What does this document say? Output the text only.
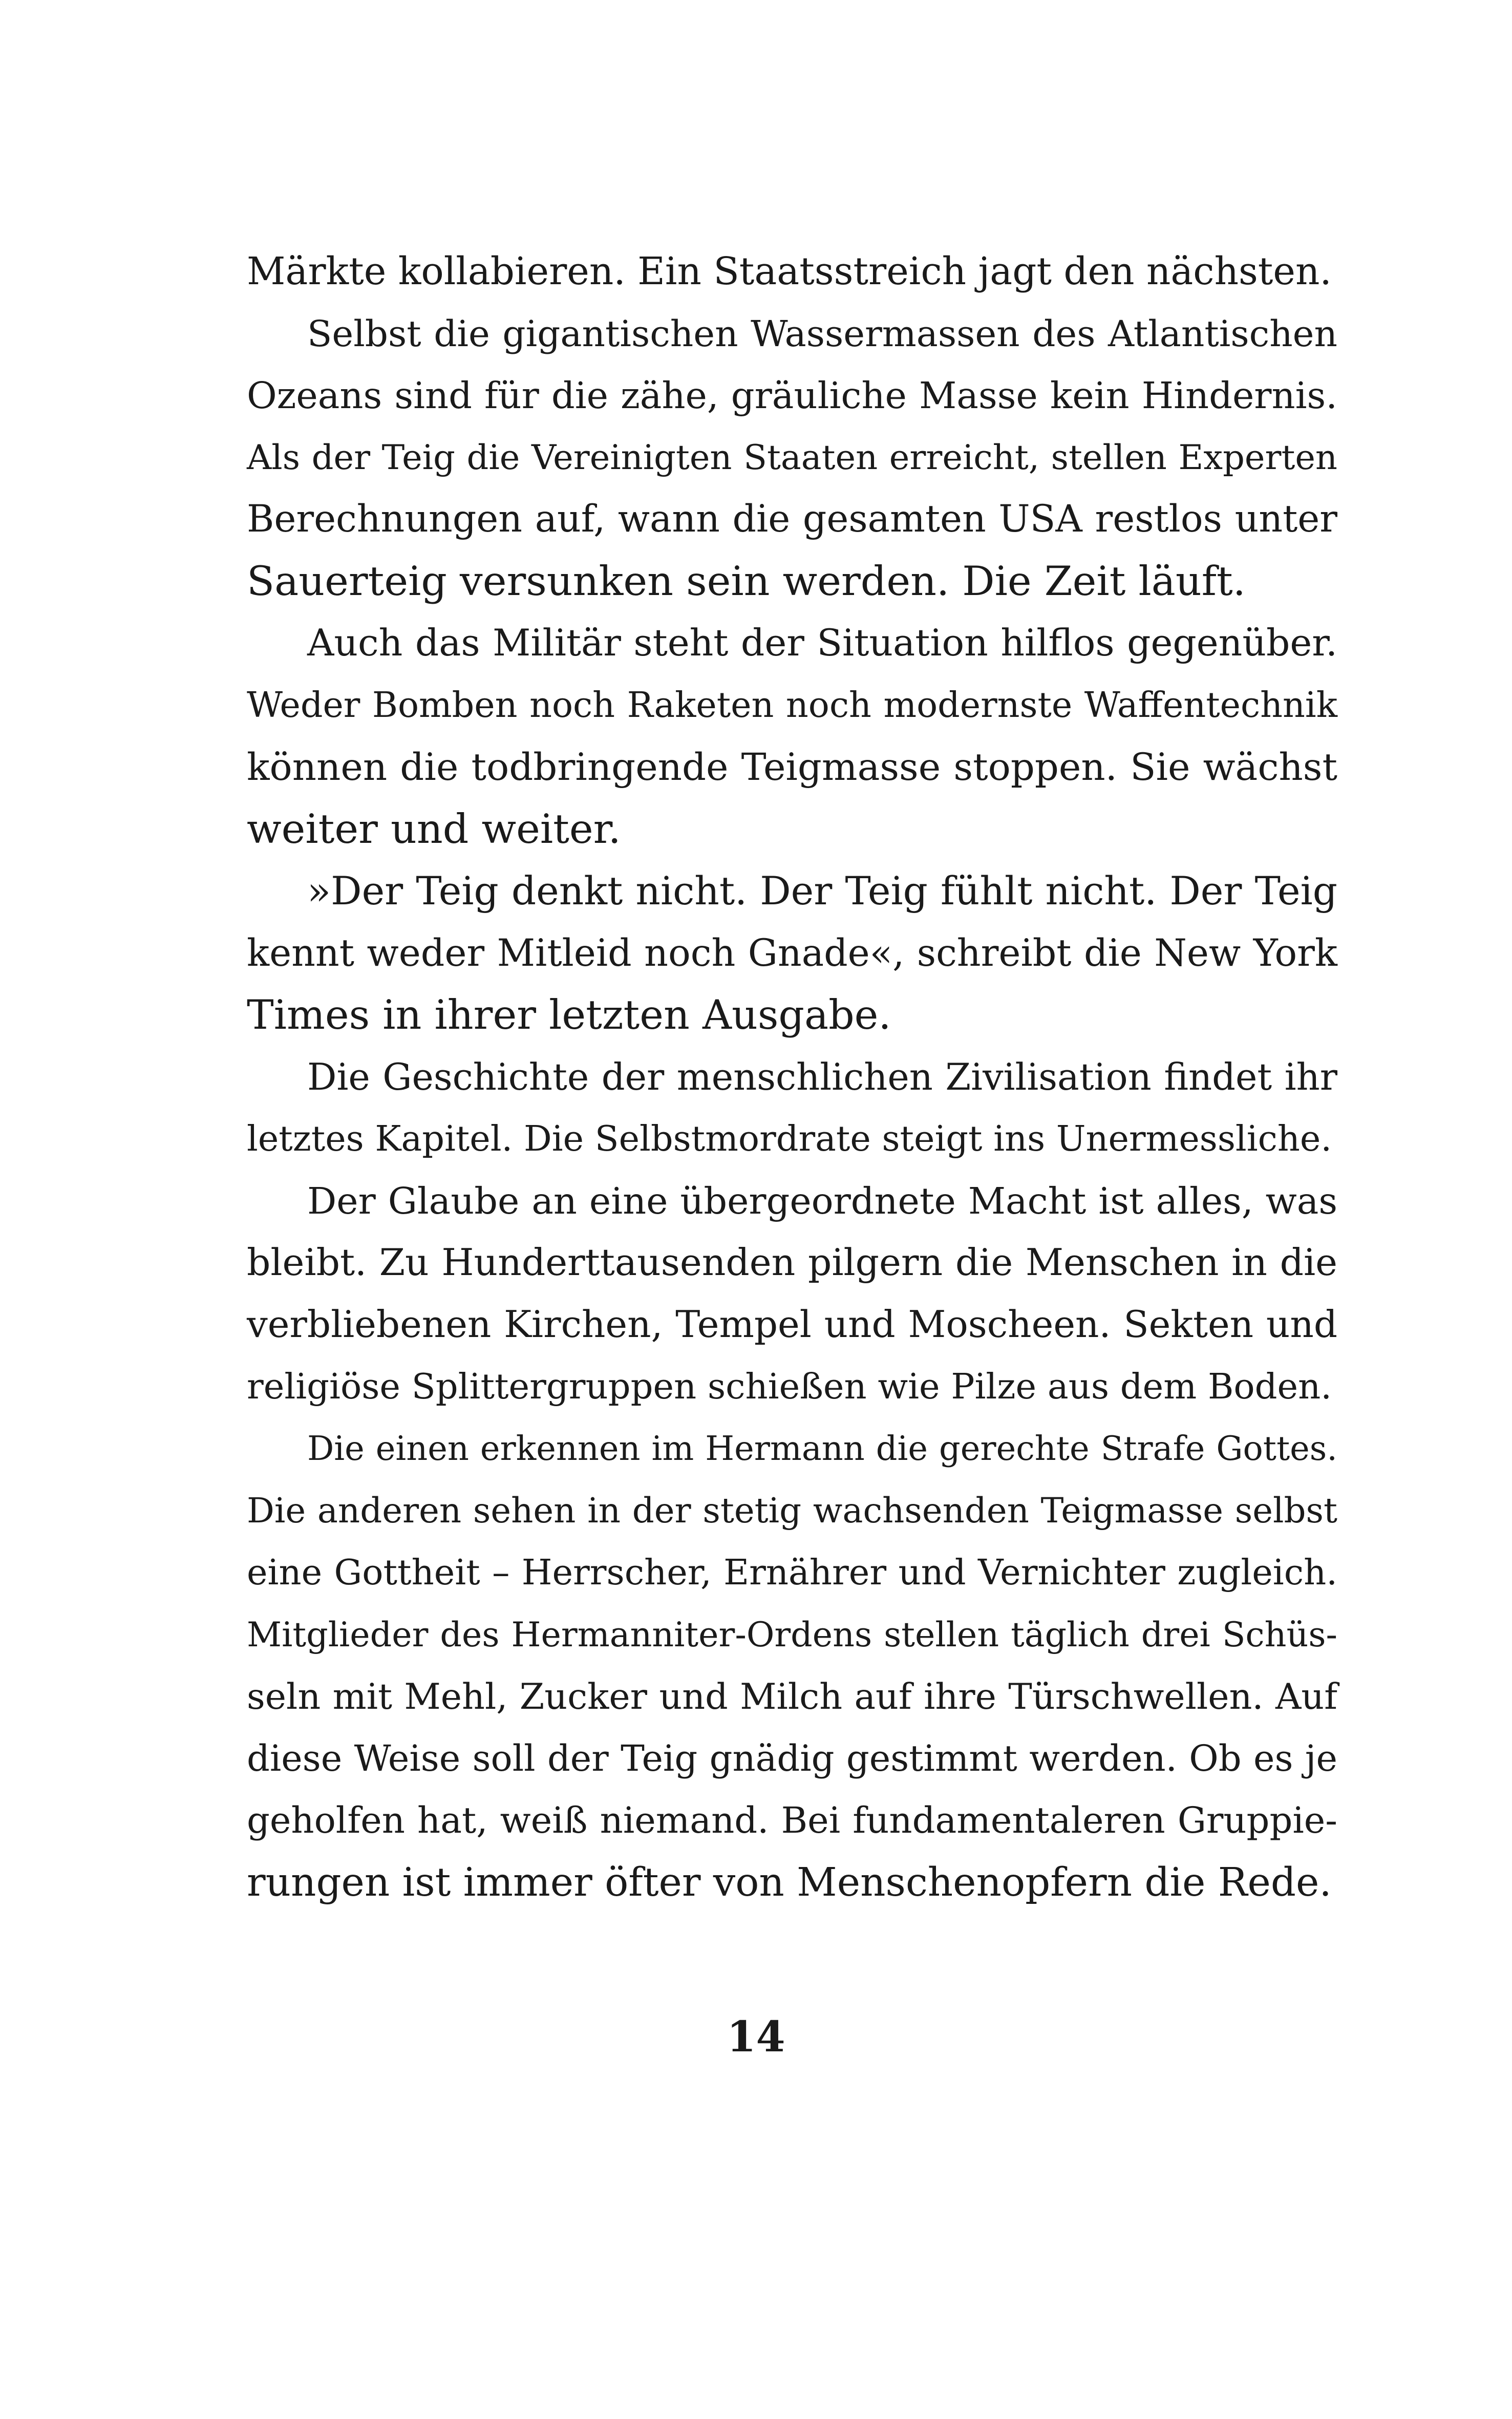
Märkte kollabieren. Ein Staatsstreich jagt den nächsten.
Selbst die gigantischen Wassermassen des Atlantischen
Ozeans sind für die zähe, gräuliche Masse kein Hindernis.
Als der Teig die Vereinigten Staaten erreicht, stellen Experten
Berechnungen auf, wann die gesamten USA restlos unter
Sauerteig versunken sein werden. Die Zeit läuft.
Auch das Militär steht der Situation hilflos gegenüber.
Weder Bomben noch Raketen noch modernste Waffentechnik
können die todbringende Teigmasse stoppen. Sie wächst
weiter und weiter.
»Der Teig denkt nicht. Der Teig fühlt nicht. Der Teig
kennt weder Mitleid noch Gnade«, schreibt die New York
Times in ihrer letzten Ausgabe.
Die Geschichte der menschlichen Zivilisation findet ihr
letztes Kapitel. Die Selbstmordrate steigt ins Unermessliche.
Der Glaube an eine übergeordnete Macht ist alles, was
bleibt. Zu Hunderttausenden pilgern die Menschen in die
verbliebenen Kirchen, Tempel und Moscheen. Sekten und
religiöse Splittergruppen schießen wie Pilze aus dem Boden.
Die einen erkennen im Hermann die gerechte Strafe Gottes.
Die anderen sehen in der stetig wachsenden Teigmasse selbst
eine Gottheit – Herrscher, Ernährer und Vernichter zugleich.
Mitglieder des Hermanniter-Ordens stellen täglich drei Schüs-
seln mit Mehl, Zucker und Milch auf ihre Türschwellen. Auf
diese Weise soll der Teig gnädig gestimmt werden. Ob es je
geholfen hat, weiß niemand. Bei fundamentaleren Gruppie-
rungen ist immer öfter von Menschenopfern die Rede.
14
